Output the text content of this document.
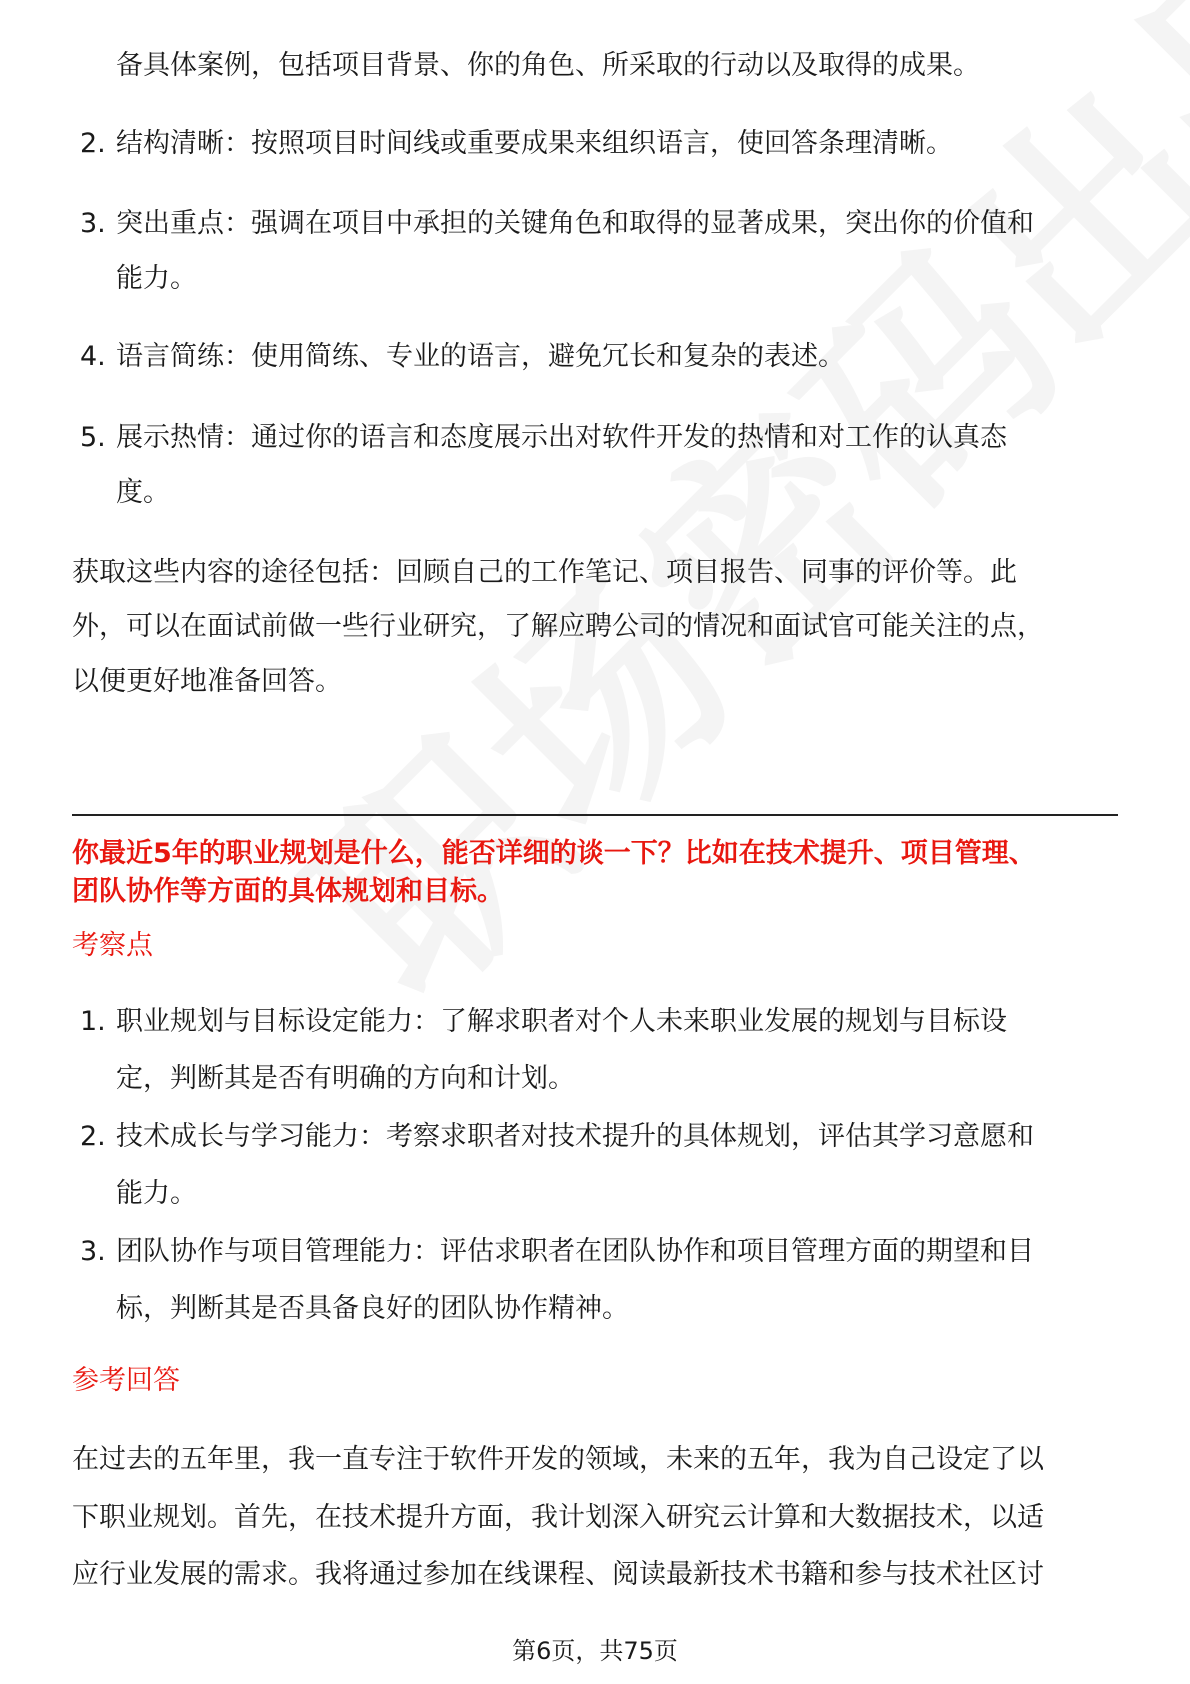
备具体案例，包括项目背景、你的角色、所采取的行动以及取得的成果。
2. 结构清晰：按照项目时间线或重要成果来组织语言，使回答条理清晰。
3. 突出重点：强调在项目中承担的关键角色和取得的显著成果，突出你的价值和
能力。
4. 语言简练：使用简练、专业的语言，避免冗长和复杂的表述。
5. 展示热情：通过你的语言和态度展示出对软件开发的热情和对工作的认真态
度。
获取这些内容的途径包括：回顾自己的工作笔记、项目报告、同事的评价等。此
外，可以在面试前做一些行业研究，了解应聘公司的情况和面试官可能关注的点，
以便更好地准备回答。
你最近5年的职业规划是什么，能否详细的谈一下？比如在技术提升、项目管理、
团队协作等方面的具体规划和目标。
考察点
1. 职业规划与目标设定能力：了解求职者对个人未来职业发展的规划与目标设
定，判断其是否有明确的方向和计划。
2. 技术成长与学习能力：考察求职者对技术提升的具体规划，评估其学习意愿和
能力。
3. 团队协作与项目管理能力：评估求职者在团队协作和项目管理方面的期望和目
标，判断其是否具备良好的团队协作精神。
参考回答
在过去的五年里，我一直专注于软件开发的领域，未来的五年，我为自己设定了以
下职业规划。首先，在技术提升方面，我计划深入研究云计算和大数据技术，以适
应行业发展的需求。我将通过参加在线课程、阅读最新技术书籍和参与技术社区讨
第6页，共75页
